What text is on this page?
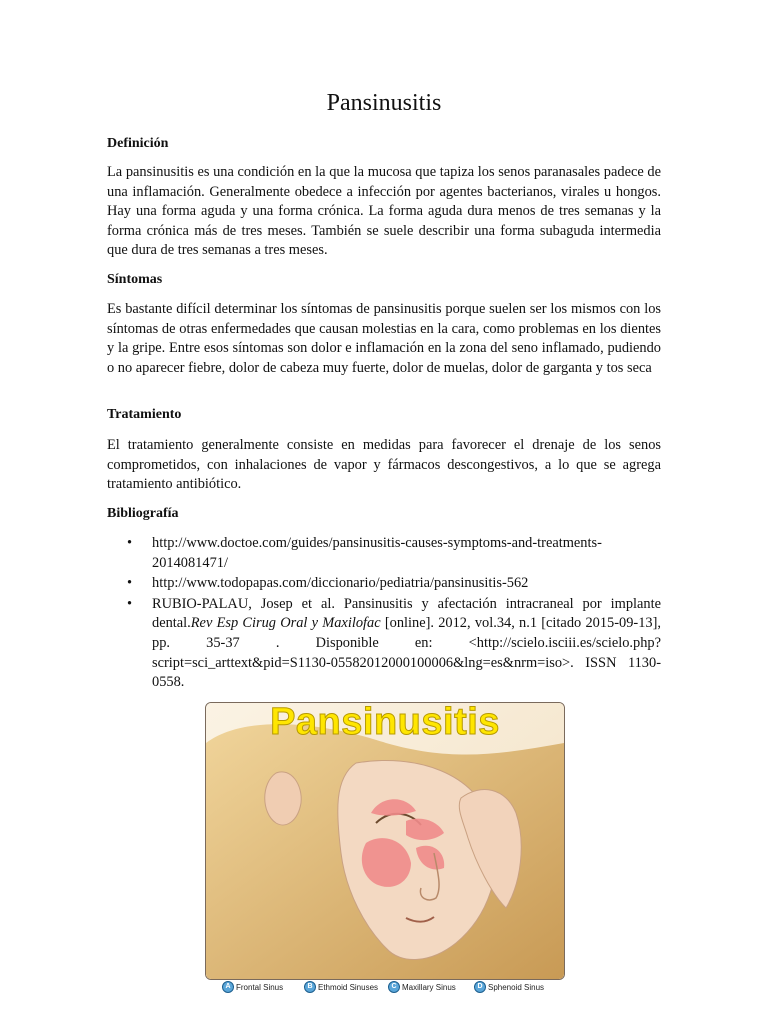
Pansinusitis
Definición
La pansinusitis es una condición en la que la mucosa que tapiza los senos paranasales padece de una inflamación. Generalmente obedece a infección por agentes bacterianos, virales u hongos. Hay una forma aguda y una forma crónica. La forma aguda dura menos de tres semanas y la forma crónica más de tres meses. También se suele describir una forma subaguda intermedia que dura de tres semanas a tres meses.
Síntomas
Es bastante difícil determinar los síntomas de pansinusitis porque suelen ser los mismos con los síntomas de otras enfermedades que causan molestias en la cara, como problemas en los dientes y la gripe. Entre esos síntomas son dolor e inflamación en la zona del seno inflamado, pudiendo o no aparecer fiebre, dolor de cabeza muy fuerte, dolor de muelas, dolor de garganta y tos seca
Tratamiento
El tratamiento generalmente consiste en medidas para favorecer el drenaje de los senos comprometidos, con inhalaciones de vapor y fármacos descongestivos, a lo que se agrega tratamiento antibiótico.
Bibliografía
• http://www.doctoe.com/guides/pansinusitis-causes-symptoms-and-treatments-2014081471/
• http://www.todopapas.com/diccionario/pediatria/pansinusitis-562
• RUBIO-PALAU, Josep et al. Pansinusitis y afectación intracraneal por implante dental.Rev Esp Cirug Oral y Maxilofac [online]. 2012, vol.34, n.1 [citado 2015-09-13], pp. 35-37 . Disponible en: <http://scielo.isciii.es/scielo.php?script=sci_arttext&pid=S1130-05582012000100006&lng=es&nrm=iso>. ISSN 1130-0558.
Pansinusitis
A Frontal Sinus	B Ethmoid Sinuses	C Maxillary Sinus	D Sphenoid Sinus
